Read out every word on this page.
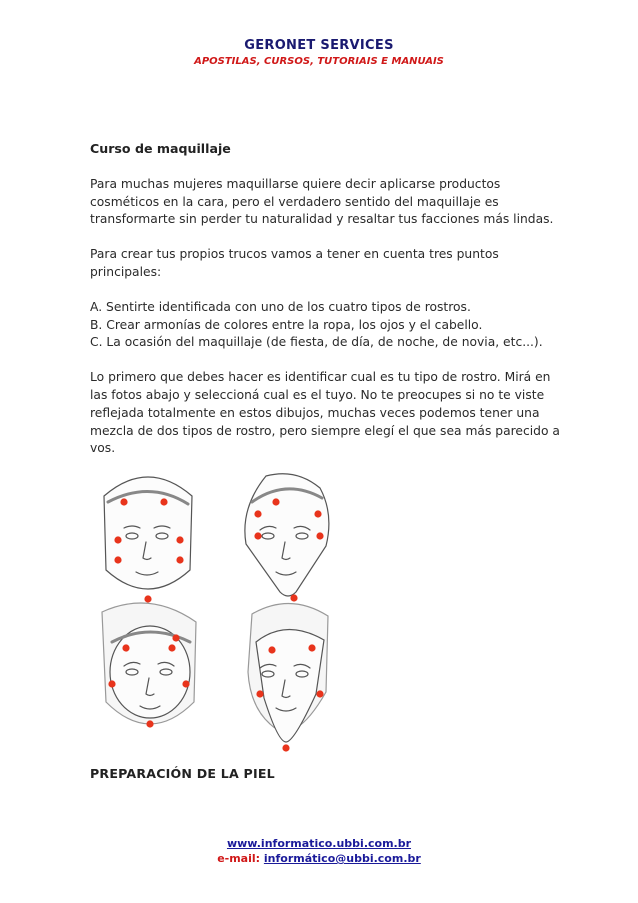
GERONET SERVICES
APOSTILAS, CURSOS, TUTORIAIS E MANUAIS
Curso de maquillaje

Para muchas mujeres maquillarse quiere decir aplicarse productos cosméticos en la cara, pero el verdadero sentido del maquillaje es transformarte sin perder tu naturalidad y resaltar tus facciones más lindas.

Para crear tus propios trucos vamos a tener en cuenta tres puntos principales:

A. Sentirte identificada con uno de los cuatro tipos de rostros.
B. Crear armonías de colores entre la ropa, los ojos y el cabello.
C. La ocasión del maquillaje (de fiesta, de día, de noche, de novia, etc...).

Lo primero que debes hacer es identificar cual es tu tipo de rostro. Mirá en las fotos abajo y seleccioná cual es el tuyo. No te preocupes si no te viste reflejada totalmente en estos dibujos, muchas veces podemos tener una mezcla de dos tipos de rostro, pero siempre elegí el que sea más parecido a vos.

PREPARACIÓN DE LA PIEL
www.informatico.ubbi.com.br
e-mail: informático@ubbi.com.br
